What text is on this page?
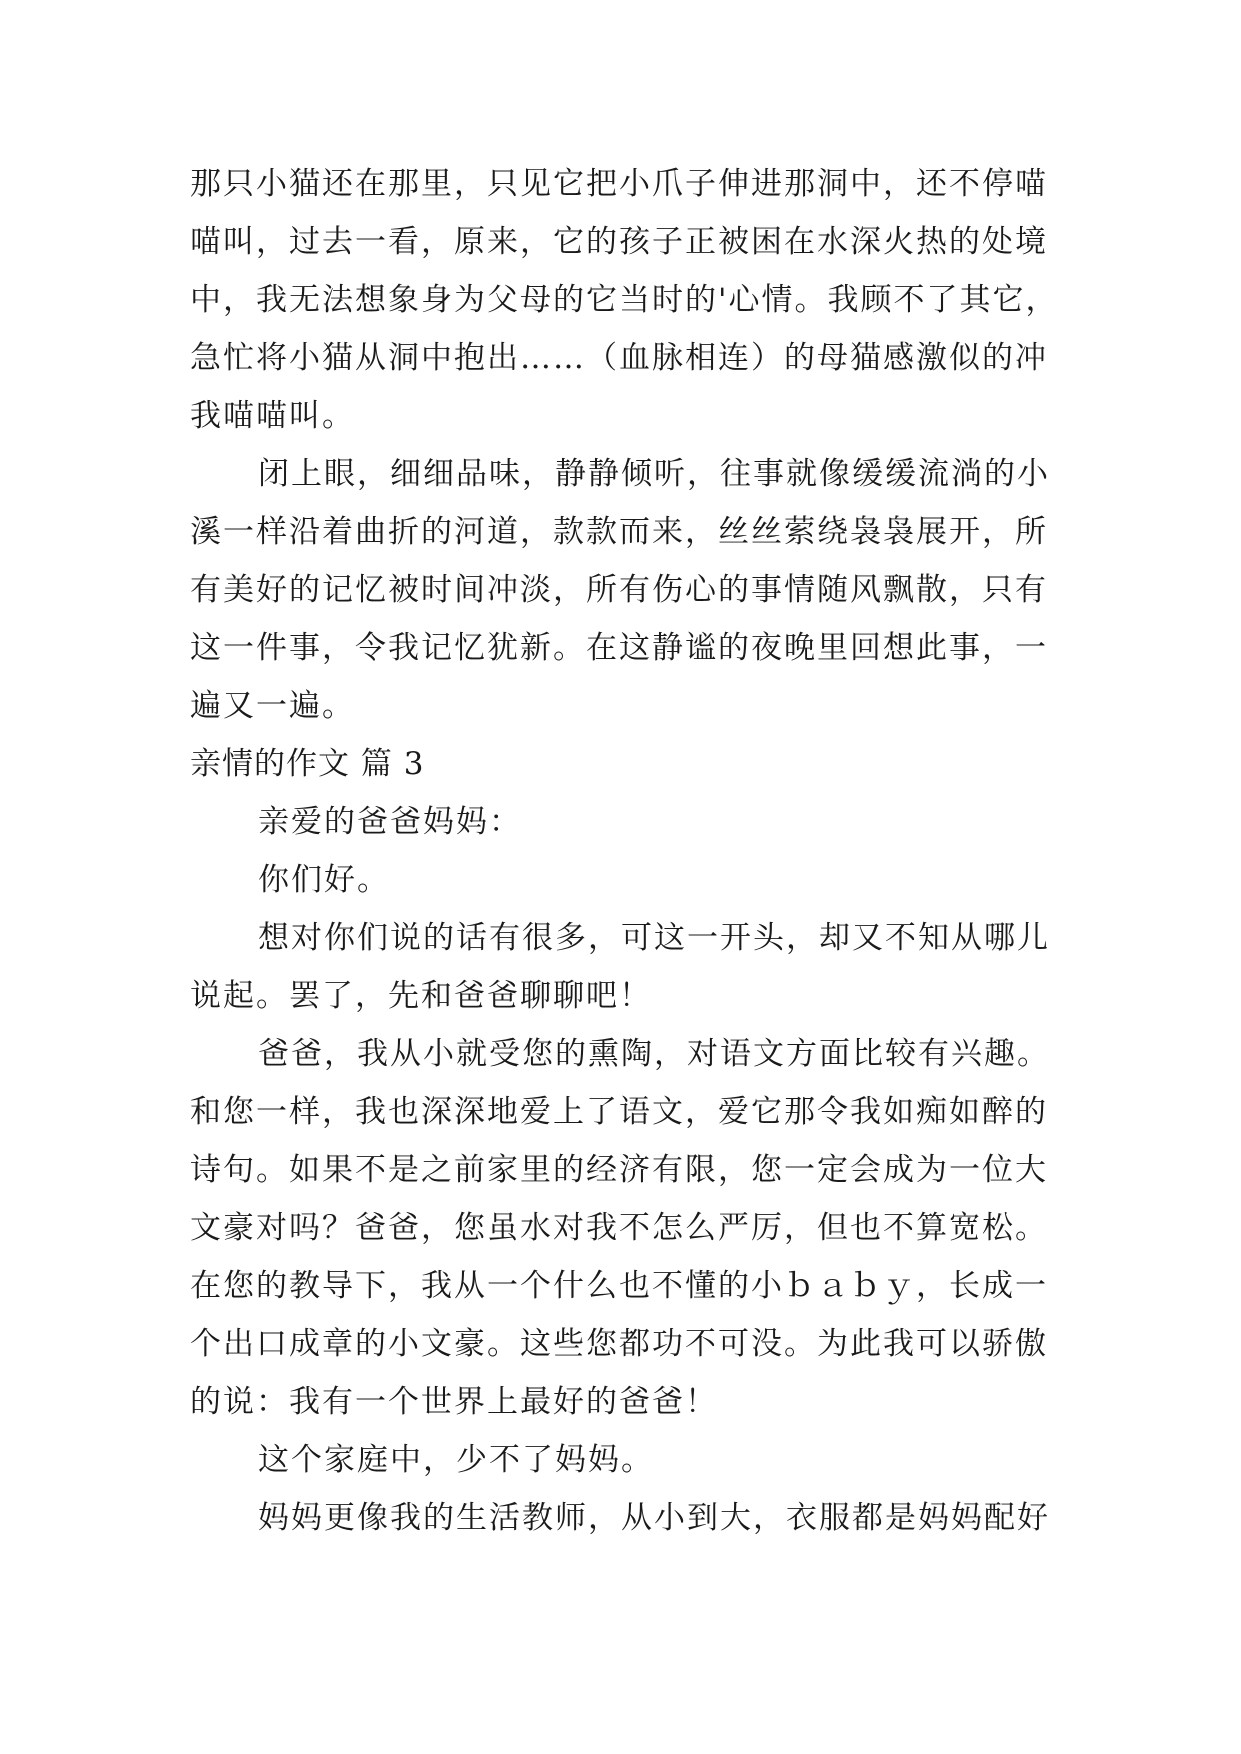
那只小猫还在那里，只见它把小爪子伸进那洞中，还不停喵
喵叫，过去一看，原来，它的孩子正被困在水深火热的处境
中，我无法想象身为父母的它当时的'心情。我顾不了其它，
急忙将小猫从洞中抱出……（血脉相连）的母猫感激似的冲
我喵喵叫。
闭上眼，细细品味，静静倾听，往事就像缓缓流淌的小
溪一样沿着曲折的河道，款款而来，丝丝萦绕袅袅展开，所
有美好的记忆被时间冲淡，所有伤心的事情随风飘散，只有
这一件事，令我记忆犹新。在这静谧的夜晚里回想此事，一
遍又一遍。
亲情的作文 篇 3
亲爱的爸爸妈妈：
你们好。
想对你们说的话有很多，可这一开头，却又不知从哪儿
说起。罢了，先和爸爸聊聊吧！
爸爸，我从小就受您的熏陶，对语文方面比较有兴趣。
和您一样，我也深深地爱上了语文，爱它那令我如痴如醉的
诗句。如果不是之前家里的经济有限，您一定会成为一位大
文豪对吗？爸爸，您虽水对我不怎么严厉，但也不算宽松。
在您的教导下，我从一个什么也不懂的小ｂａｂｙ，长成一
个出口成章的小文豪。这些您都功不可没。为此我可以骄傲
的说：我有一个世界上最好的爸爸！
这个家庭中，少不了妈妈。
妈妈更像我的生活教师，从小到大，衣服都是妈妈配好
